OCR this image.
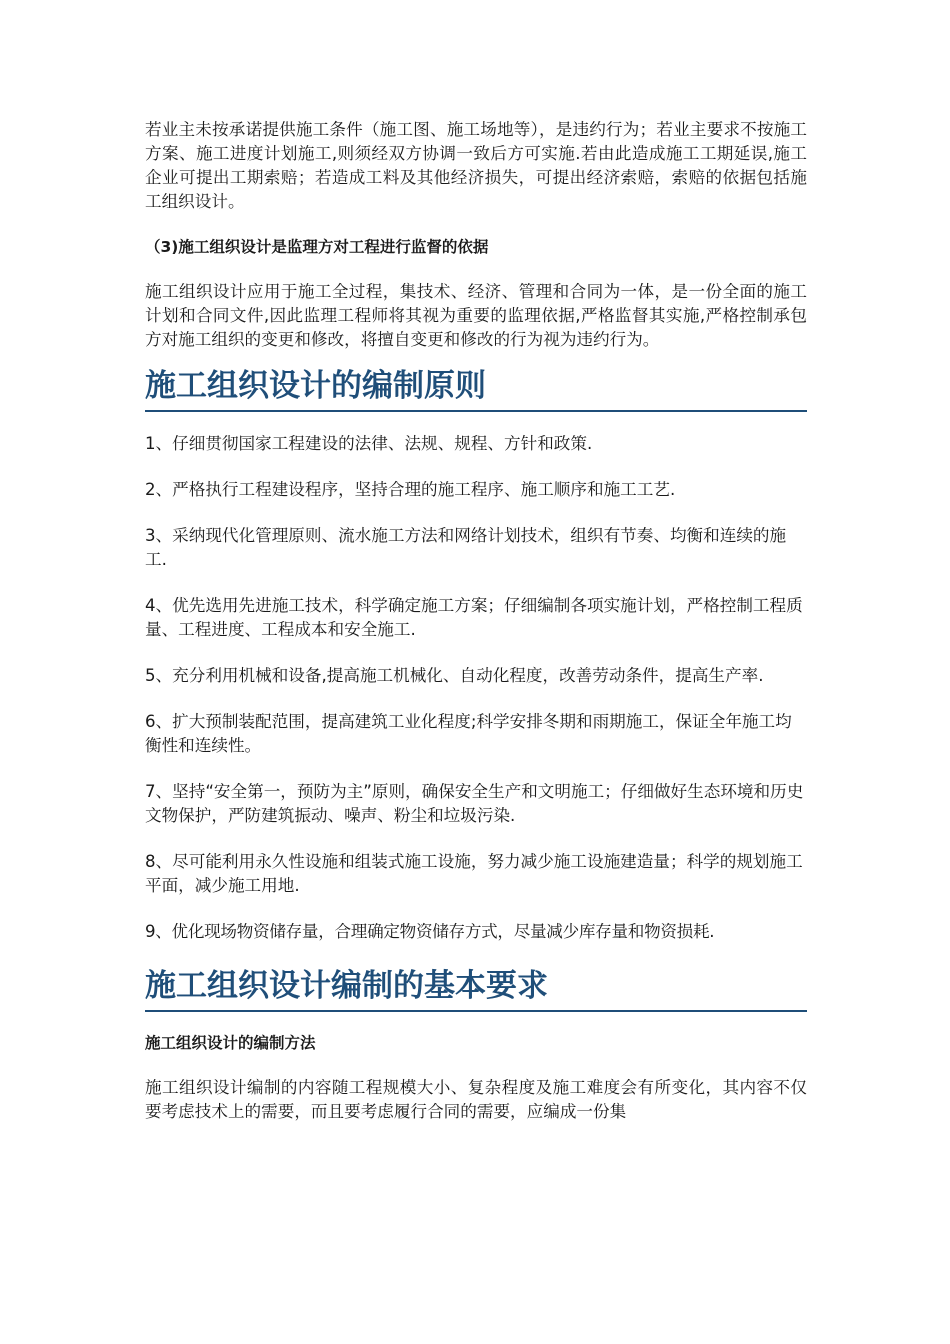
若业主未按承诺提供施工条件（施工图、施工场地等），是违约行为；若业主要求不按施工方案、施工进度计划施工,则须经双方协调一致后方可实施.若由此造成施工工期延误,施工企业可提出工期索赔；若造成工料及其他经济损失，可提出经济索赔，索赔的依据包括施工组织设计。

（3)施工组织设计是监理方对工程进行监督的依据

施工组织设计应用于施工全过程，集技术、经济、管理和合同为一体，是一份全面的施工计划和合同文件,因此监理工程师将其视为重要的监理依据,严格监督其实施,严格控制承包方对施工组织的变更和修改，将擅自变更和修改的行为视为违约行为。

施工组织设计的编制原则

1、仔细贯彻国家工程建设的法律、法规、规程、方针和政策.

2、严格执行工程建设程序，坚持合理的施工程序、施工顺序和施工工艺.

3、采纳现代化管理原则、流水施工方法和网络计划技术，组织有节奏、均衡和连续的施工.

4、优先选用先进施工技术，科学确定施工方案；仔细编制各项实施计划，严格控制工程质量、工程进度、工程成本和安全施工.

5、充分利用机械和设备,提高施工机械化、自动化程度，改善劳动条件，提高生产率.

6、扩大预制装配范围，提高建筑工业化程度;科学安排冬期和雨期施工，保证全年施工均衡性和连续性。

7、坚持“安全第一，预防为主”原则，确保安全生产和文明施工；仔细做好生态环境和历史文物保护，严防建筑振动、噪声、粉尘和垃圾污染.

8、尽可能利用永久性设施和组装式施工设施，努力减少施工设施建造量；科学的规划施工平面，减少施工用地.

9、优化现场物资储存量，合理确定物资储存方式，尽量减少库存量和物资损耗.

施工组织设计编制的基本要求

施工组织设计的编制方法

施工组织设计编制的内容随工程规模大小、复杂程度及施工难度会有所变化，其内容不仅要考虑技术上的需要，而且要考虑履行合同的需要，应编成一份集
